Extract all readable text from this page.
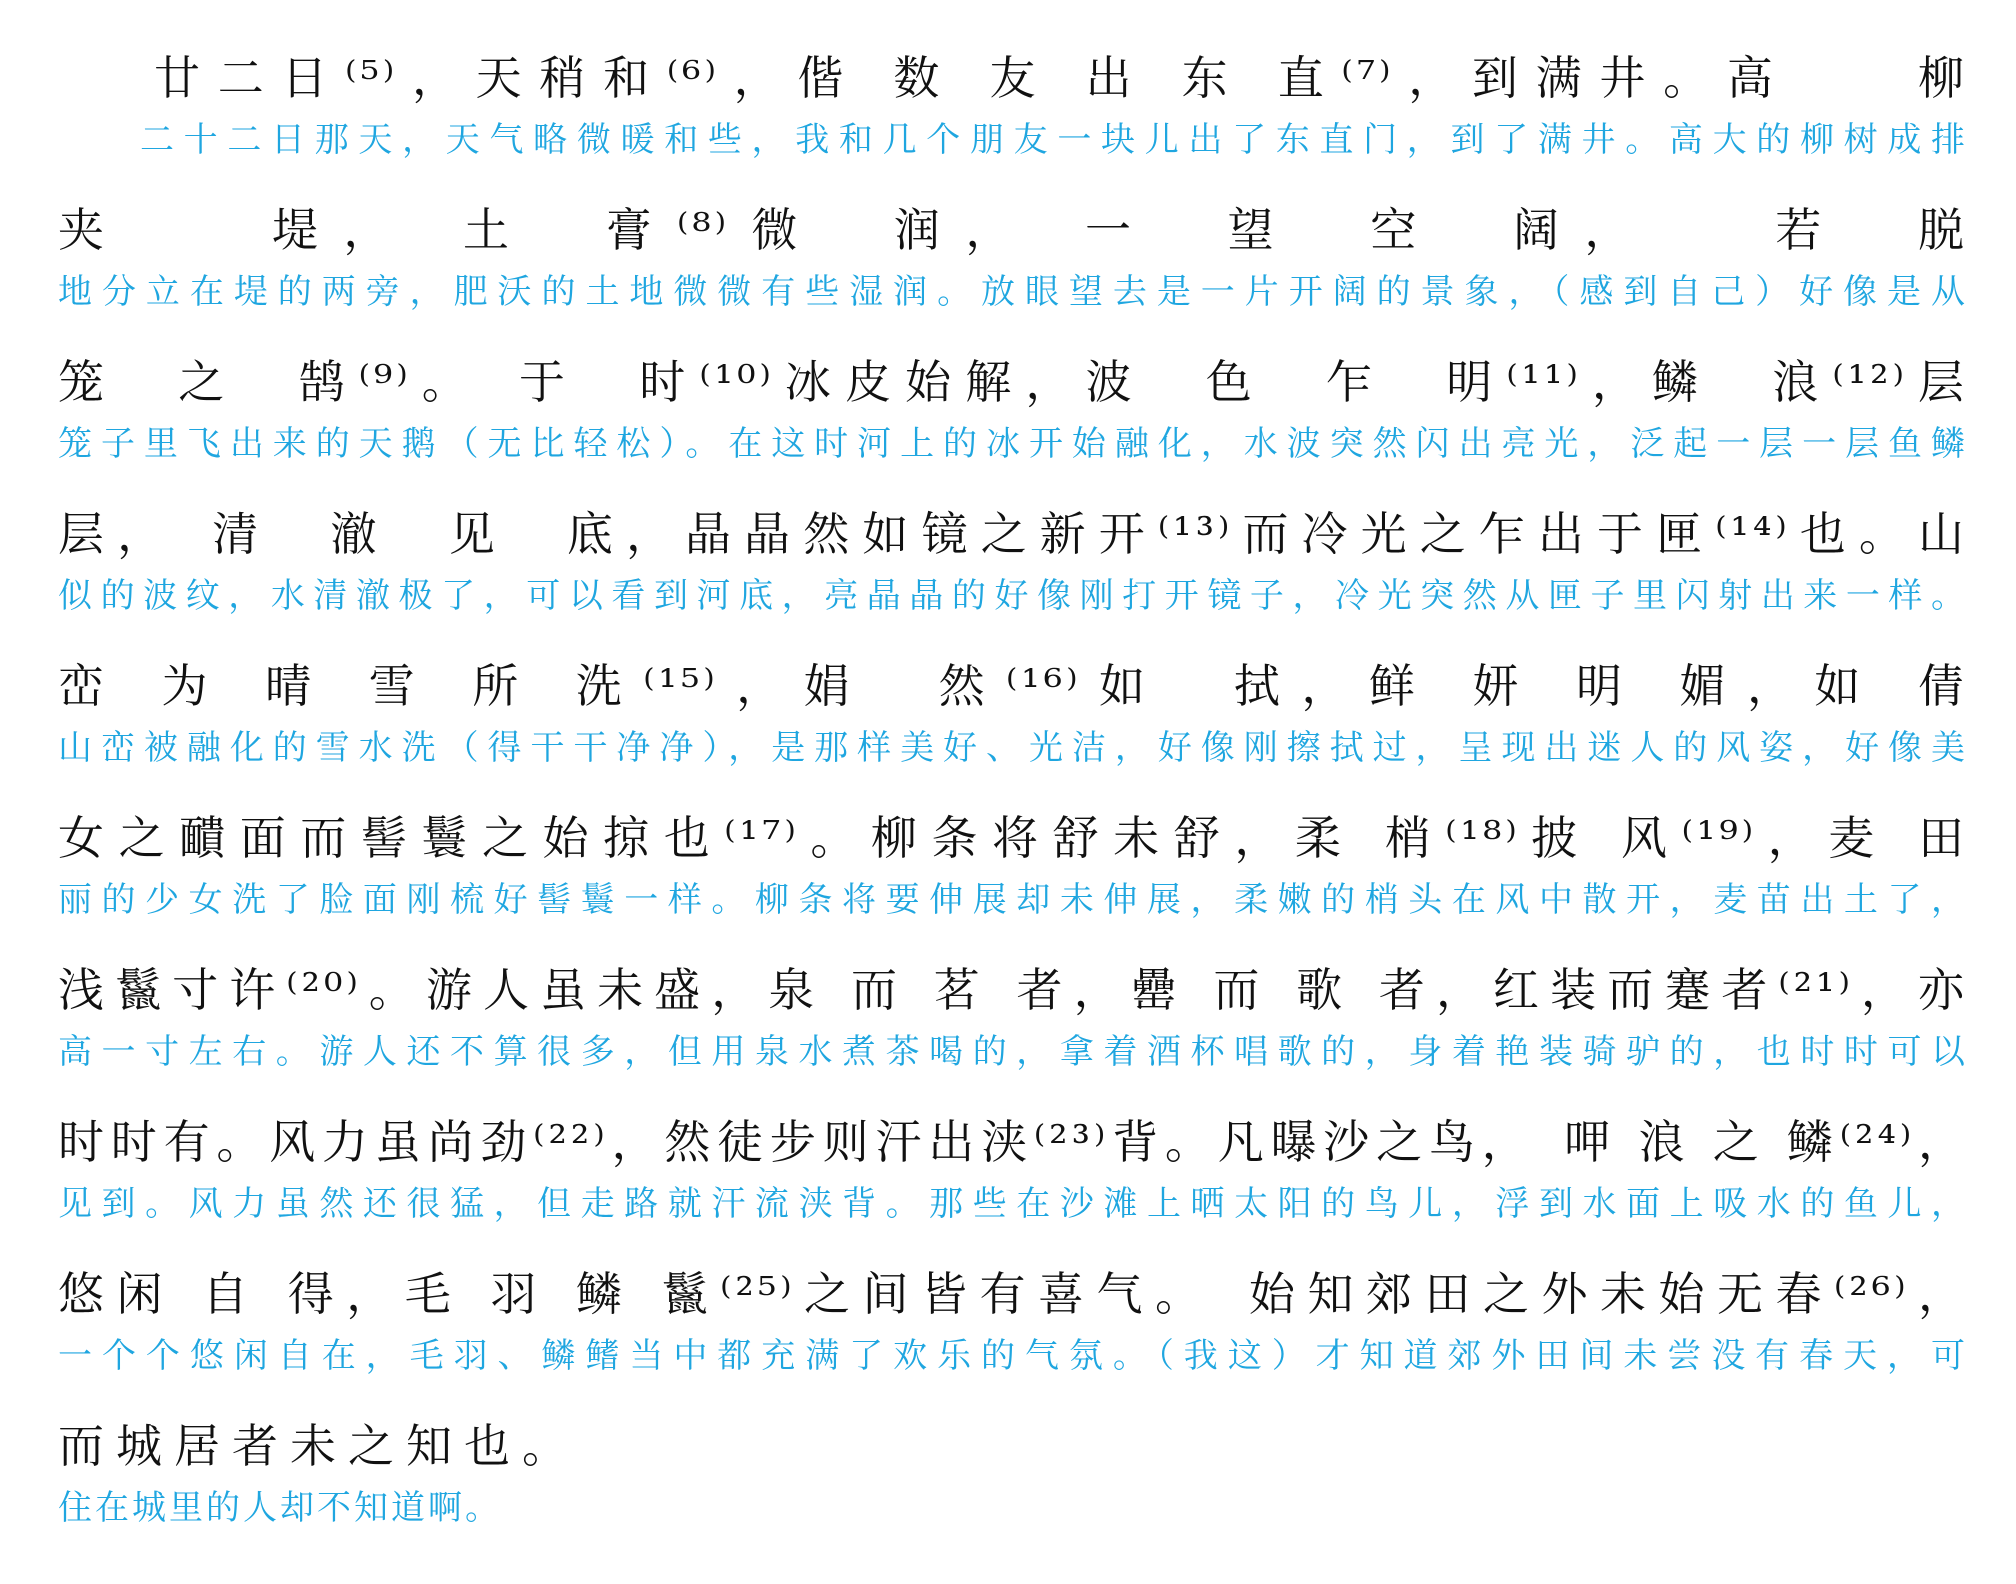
廿二日⁽⁵⁾，天稍和⁽⁶⁾，偕 数 友 出 东 直⁽⁷⁾，到满井。高　　柳
二十二日那天，天气略微暖和些，我和几个朋友一块儿出了东直门，到了满井。高大的柳树成排
夹　　堤，　土　膏⁽⁸⁾微　润，　一　望　空　阔，　　若　脱
地分立在堤的两旁，肥沃的土地微微有些湿润。放眼望去是一片开阔的景象，（感到自己）好像是从
笼　之　鹄⁽⁹⁾。　于　时⁽¹⁰⁾冰皮始解，波　色　乍　明⁽¹¹⁾，鳞　浪⁽¹²⁾层
笼子里飞出来的天鹅（无比轻松）。在这时河上的冰开始融化，水波突然闪出亮光，泛起一层一层鱼鳞
层，　清　澈　见　底，晶晶然如镜之新开⁽¹³⁾而冷光之乍出于匣⁽¹⁴⁾也。山
似的波纹，水清澈极了，可以看到河底，亮晶晶的好像刚打开镜子，冷光突然从匣子里闪射出来一样。
峦 为 晴 雪 所 洗⁽¹⁵⁾，娟　然⁽¹⁶⁾如　拭，鲜 妍 明 媚，如 倩
山峦被融化的雪水洗（得干干净净），是那样美好、光洁，好像刚擦拭过，呈现出迷人的风姿，好像美
女之靧面而髻鬟之始掠也⁽¹⁷⁾。柳条将舒未舒，柔 梢⁽¹⁸⁾披 风⁽¹⁹⁾，麦 田
丽的少女洗了脸面刚梳好髻鬟一样。柳条将要伸展却未伸展，柔嫩的梢头在风中散开，麦苗出土了，
浅鬣寸许⁽²⁰⁾。游人虽未盛，泉 而 茗 者，罍 而 歌 者，红装而蹇者⁽²¹⁾，亦
高一寸左右。游人还不算很多，但用泉水煮茶喝的，拿着酒杯唱歌的，身着艳装骑驴的，也时时可以
时时有。风力虽尚劲⁽²²⁾，然徒步则汗出浃⁽²³⁾背。凡曝沙之鸟，　呷 浪 之 鳞⁽²⁴⁾，
见到。风力虽然还很猛，但走路就汗流浃背。那些在沙滩上晒太阳的鸟儿，浮到水面上吸水的鱼儿，
悠闲 自 得，毛 羽 鳞 鬣⁽²⁵⁾之间皆有喜气。　始知郊田之外未始无春⁽²⁶⁾，
一个个悠闲自在，毛羽、鳞鳍当中都充满了欢乐的气氛。（我这）才知道郊外田间未尝没有春天，可
而城居者未之知也。
住在城里的人却不知道啊。
